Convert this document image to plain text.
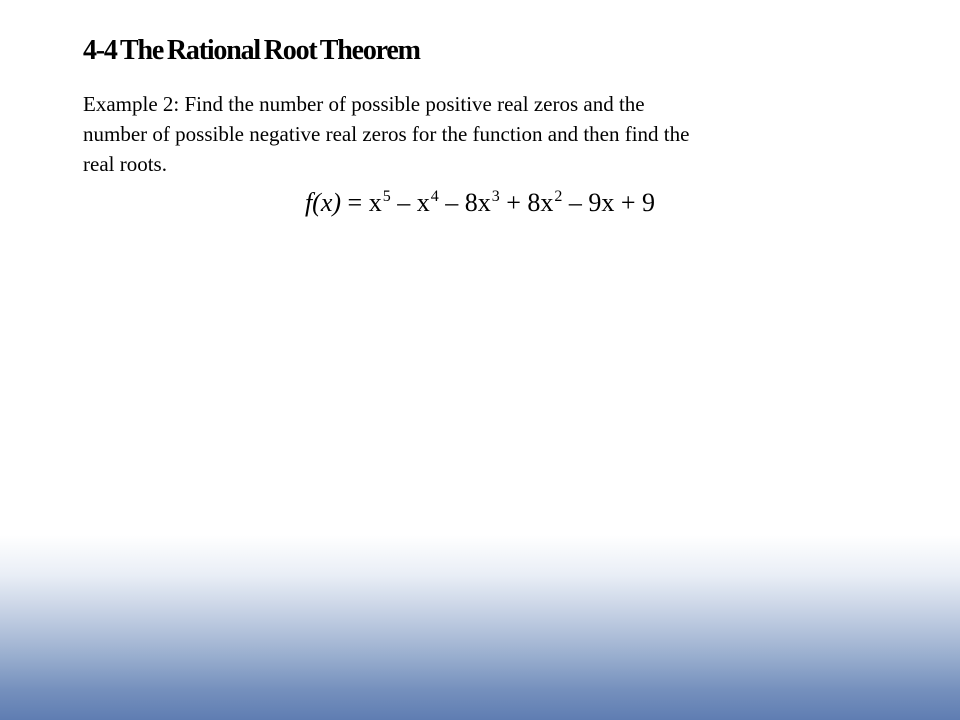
4-4 The Rational Root Theorem

Example 2: Find the number of possible positive real zeros and the
number of possible negative real zeros for the function and then find the
real roots.

$f(x) = x^5 - x^4 - 8x^3 + 8x^2 - 9x + 9$
